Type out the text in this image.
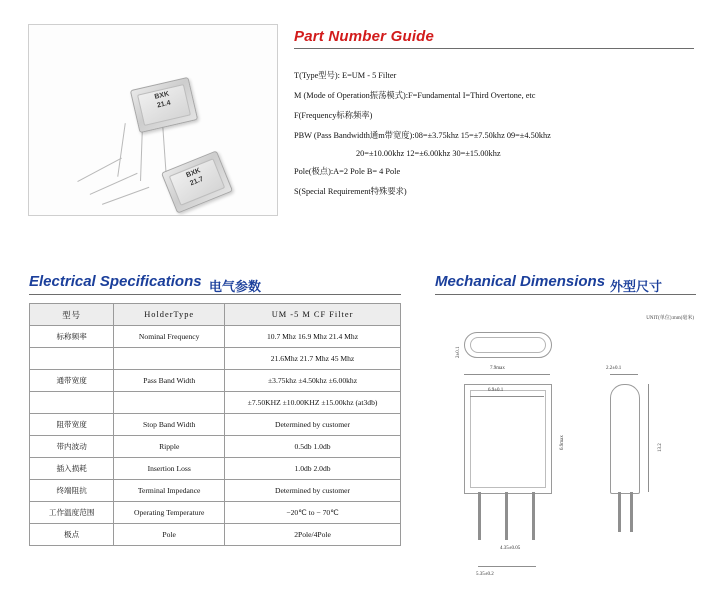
BXK
21.4
BXK
21.7
Part Number Guide
T(Type型号): E=UM - 5 Filter
M (Mode of Operation振荡模式):F=Fundamental I=Third Overtone, etc
F(Frequency标称频率)
PBW (Pass Bandwidth通m带宽度):08=±3.75khz 15=±7.50khz 09=±4.50khz
20=±10.00khz 12=±6.00khz 30=±15.00khz
Pole(极点):A=2 Pole B= 4 Pole
S(Special Requirement特殊要求)
Electrical Specifications 电气参数
型号	HolderType	UM -5 M CF Filter
标称频率	Nominal Frequency	10.7 Mhz 16.9 Mhz 21.4 Mhz
		21.6Mhz 21.7 Mhz 45 Mhz
通带宽度	Pass Band Width	±3.75khz ±4.50khz ±6.00khz
		±7.50KHZ ±10.00KHZ ±15.00khz (at3db)
阻带宽度	Stop Band Width	Determined by customer
带内波动	Ripple	0.5db 1.0db
插入损耗	Insertion Loss	1.0db 2.0db
终端阻抗	Terminal Impedance	Determined by customer
工作温度范围	Operating Temperature	−20℃ to − 70℃
极点	Pole	2Pole/4Pole
Mechanical Dimensions 外型尺寸
UNIT(单位):mm(毫米)
2±0.1
7.9max
6.9±0.1
6.9max
4.35±0.05
5.35±0.2
2.2±0.1
13.2
